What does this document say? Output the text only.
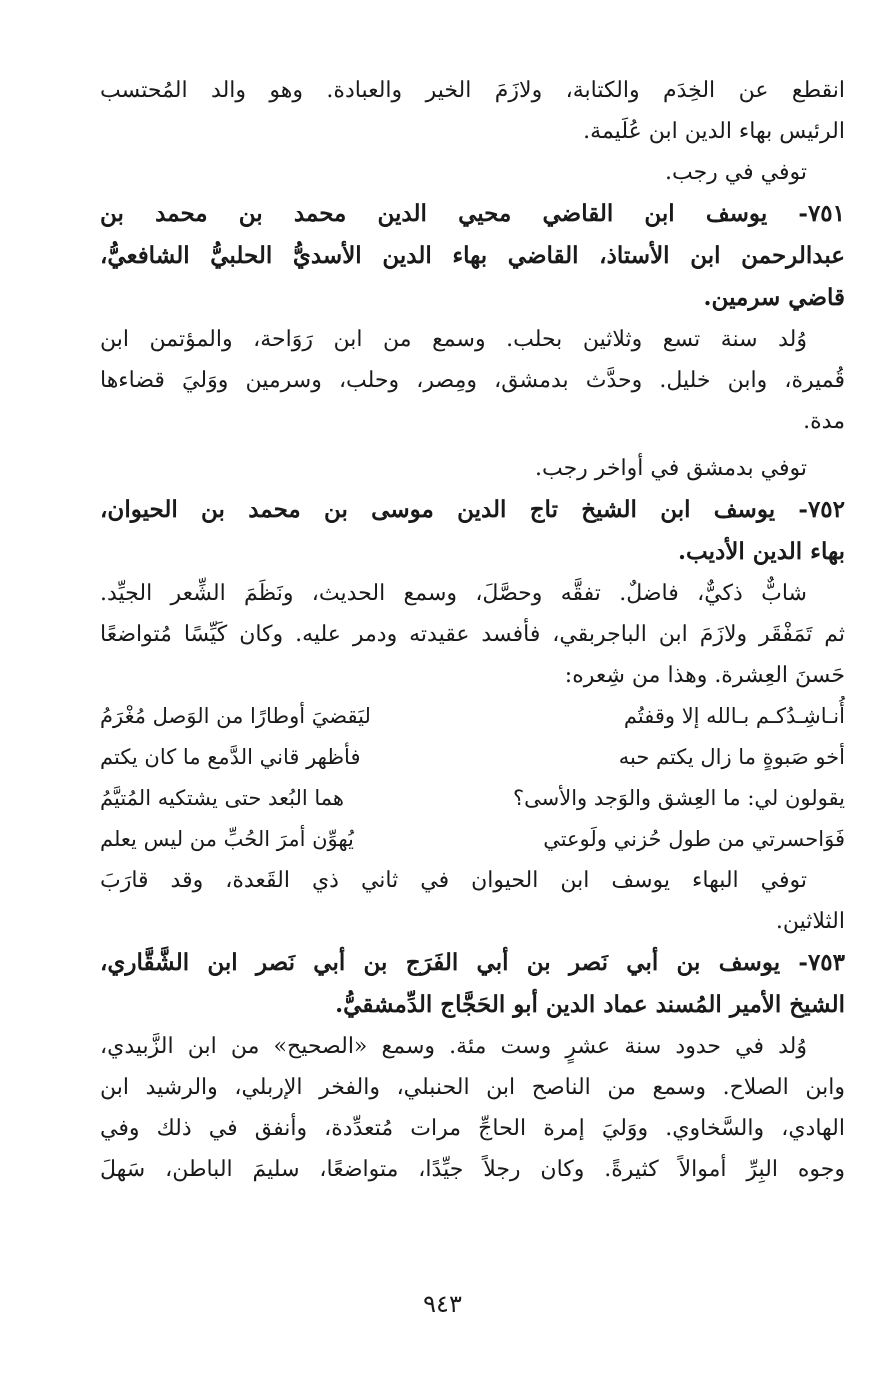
انقطع عن الخِدَم والكتابة، ولازَمَ الخير والعبادة. وهو والد المُحتسب
الرئيس بهاء الدين ابن عُلَيمة.
توفي في رجب.
٧٥١- يوسف ابن القاضي محيي الدين محمد بن محمد بن
عبدالرحمن ابن الأستاذ، القاضي بهاء الدين الأسديُّ الحلبيُّ الشافعيُّ،
قاضي سرمين.
وُلد سنة تسع وثلاثين بحلب. وسمع من ابن رَوَاحة، والمؤتمن ابن
قُميرة، وابن خليل. وحدَّث بدمشق، ومِصر، وحلب، وسرمين ووَليَ قضاءها
مدة.
توفي بدمشق في أواخر رجب.
٧٥٢- يوسف ابن الشيخ تاج الدين موسى بن محمد بن الحيوان،
بهاء الدين الأديب.
شابٌّ ذكيٌّ، فاضلٌ. تفقَّه وحصَّلَ، وسمع الحديث، ونَظَمَ الشِّعر الجيِّد.
ثم تَمَفْقَر ولازَمَ ابن الباجربقي، فأفسد عقيدته ودمر عليه. وكان كَيِّسًا مُتواضعًا
حَسنَ العِشرة. وهذا من شِعره:
أُنـاشِـدُكـم بـالله إلا وقفتُم
ليَقضيَ أوطارًا من الوَصل مُغْرَمُ
أخو صَبوةٍ ما زال يكتم حبه
فأظهر قاني الدَّمع ما كان يكتم
يقولون لي: ما العِشق والوَجد والأسى؟
هما البُعد حتى يشتكيه المُتيَّمُ
فَوَاحسرتي من طول حُزني ولَوعتي
يُهوِّن أمرَ الحُبِّ من ليس يعلم
توفي البهاء يوسف ابن الحيوان في ثاني ذي القَعدة، وقد قارَبَ
الثلاثين.
٧٥٣- يوسف بن أبي نَصر بن أبي الفَرَج بن أبي نَصر ابن الشَّقَّاري،
الشيخ الأمير المُسند عماد الدين أبو الحَجَّاج الدِّمشقيُّ.
وُلد في حدود سنة عشرٍ وست مئة. وسمع «الصحيح» من ابن الزَّبيدي،
وابن الصلاح. وسمع من الناصح ابن الحنبلي، والفخر الإربلي، والرشيد ابن
الهادي، والسَّخاوي. ووَليَ إمرة الحاجِّ مرات مُتعدِّدة، وأنفق في ذلك وفي
وجوه البِرِّ أموالاً كثيرةً. وكان رجلاً جيِّدًا، متواضعًا، سليمَ الباطن، سَهلَ
٩٤٣
